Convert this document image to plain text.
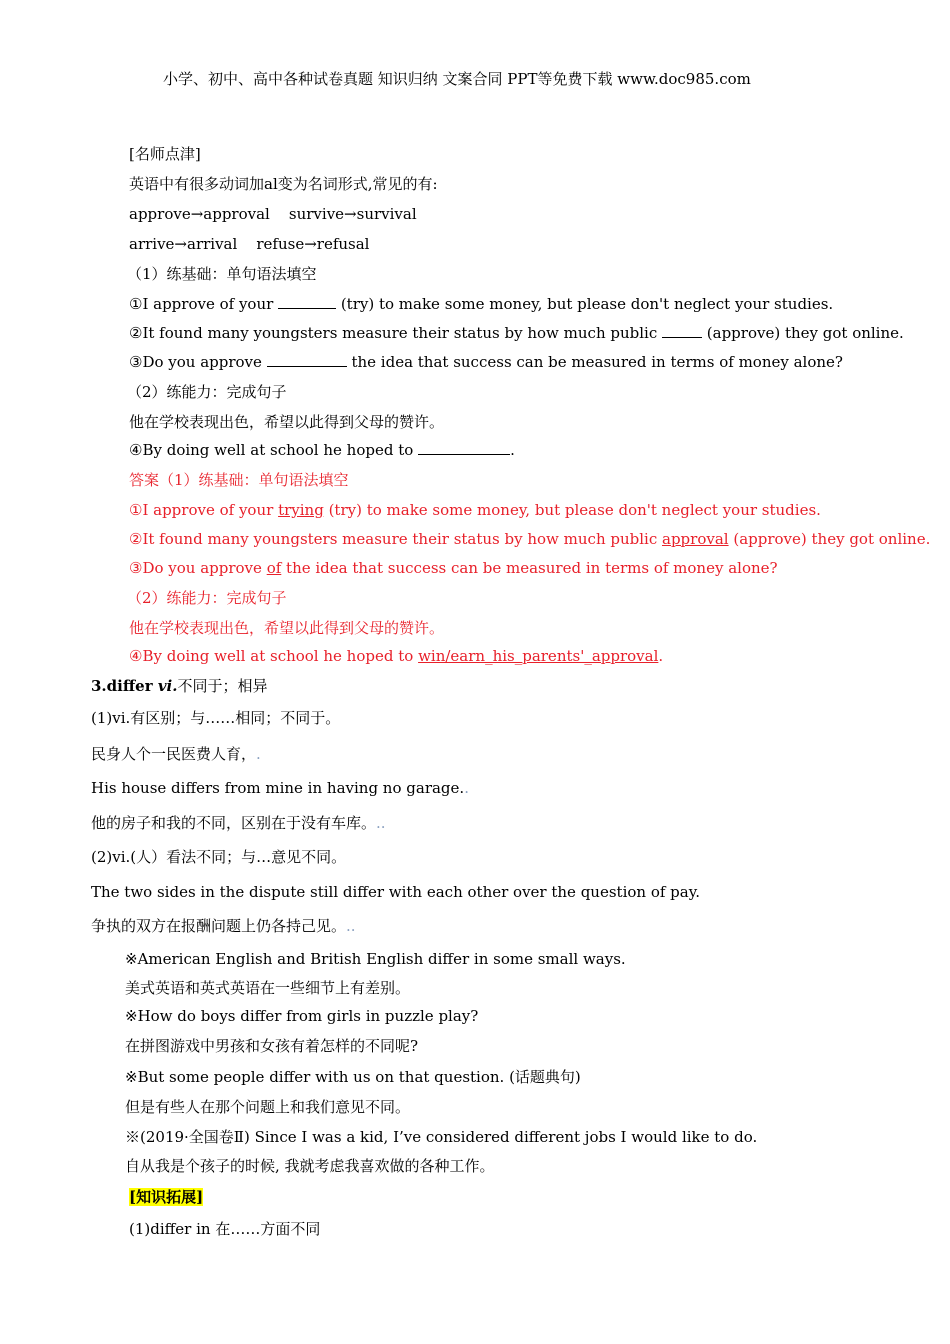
小学、初中、高中各种试卷真题 知识归纳 文案合同 PPT等免费下载 www.doc985.com
[名师点津]
英语中有很多动词加al变为名词形式,常见的有:
approve→approval    survive→survival
arrive→arrival    refuse→refusal
（1）练基础：单句语法填空
①I approve of your	(try) to make some money, but please don't neglect your studies.
②It found many youngsters measure their status by how much public	(approve) they got online.
③Do you approve	the idea that success can be measured in terms of money alone?
（2）练能力：完成句子
他在学校表现出色，希望以此得到父母的赞许。
④By doing well at school he hoped to	.
答案（1）练基础：单句语法填空
①I approve of your trying (try) to make some money, but please don't neglect your studies.
②It found many youngsters measure their status by how much public approval (approve) they got online.
③Do you approve of the idea that success can be measured in terms of money alone?
（2）练能力：完成句子
他在学校表现出色，希望以此得到父母的赞许。
④By doing well at school he hoped to win/earn_his_parents'_approval.
3.differ vi.不同于；相异
(1)vi.有区别；与……相同；不同于。
民身人个一民医费人育，.
His house differs from mine in having no garage..
他的房子和我的不同，区别在于没有车库。..
(2)vi.(人）看法不同；与…意见不同。
The two sides in the dispute still differ with each other over the question of pay.
争执的双方在报酬问题上仍各持己见。..
※American English and British English differ in some small ways.
美式英语和英式英语在一些细节上有差别。
※How do boys differ from girls in puzzle play?
在拼图游戏中男孩和女孩有着怎样的不同呢?
※But some people differ with us on that question. (话题典句)
但是有些人在那个问题上和我们意见不同。
※(2019·全国卷Ⅱ) Since I was a kid, I’ve considered different jobs I would like to do.
自从我是个孩子的时候, 我就考虑我喜欢做的各种工作。
[知识拓展]
(1)differ in 在……方面不同
